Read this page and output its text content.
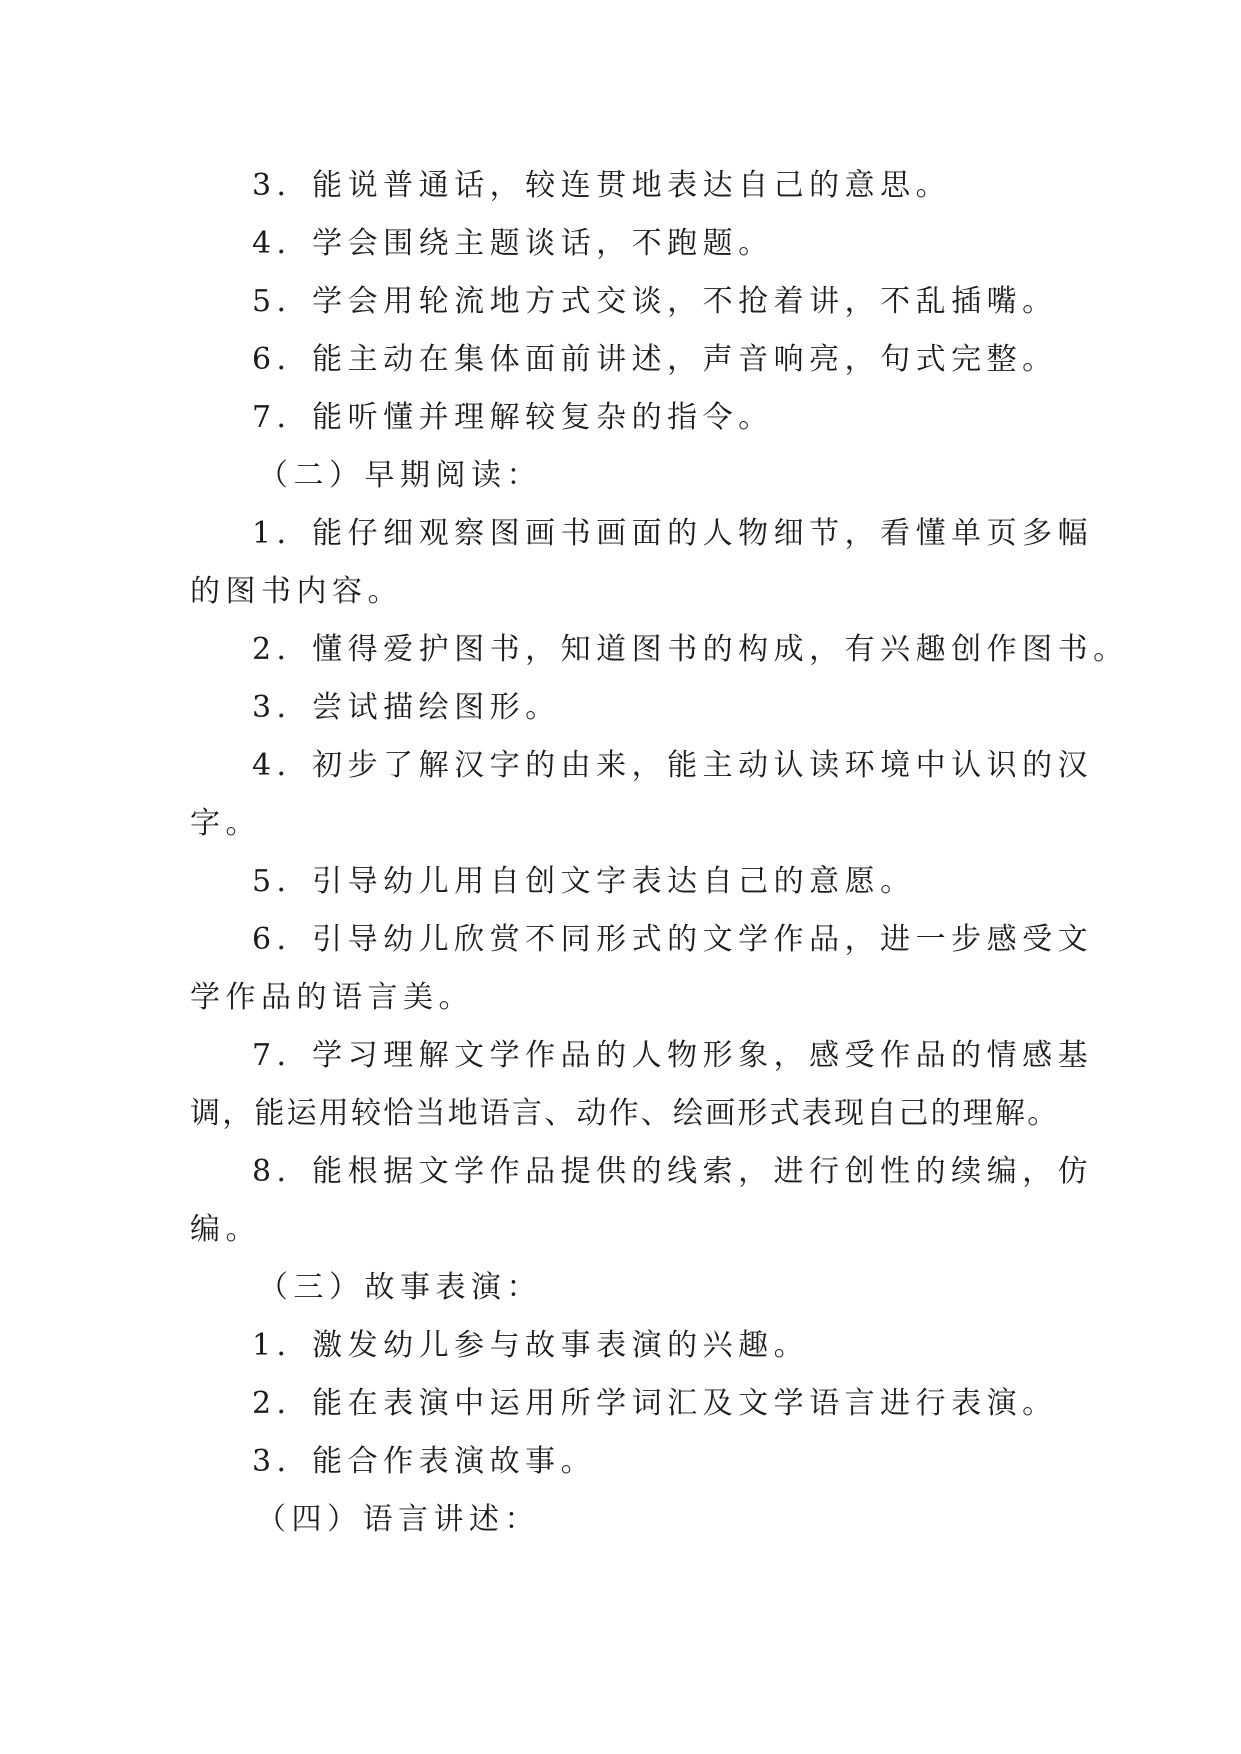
3．能说普通话，较连贯地表达自己的意思。
4．学会围绕主题谈话，不跑题。
5．学会用轮流地方式交谈，不抢着讲，不乱插嘴。
6．能主动在集体面前讲述，声音响亮，句式完整。
7．能听懂并理解较复杂的指令。
（二）早期阅读：
1．能仔细观察图画书画面的人物细节，看懂单页多幅
的图书内容。
2．懂得爱护图书，知道图书的构成，有兴趣创作图书。
3．尝试描绘图形。
4．初步了解汉字的由来，能主动认读环境中认识的汉
字。
5．引导幼儿用自创文字表达自己的意愿。
6．引导幼儿欣赏不同形式的文学作品，进一步感受文
学作品的语言美。
7．学习理解文学作品的人物形象，感受作品的情感基
调，能运用较恰当地语言、动作、绘画形式表现自己的理解。
8．能根据文学作品提供的线索，进行创性的续编，仿
编。
（三）故事表演：
1．激发幼儿参与故事表演的兴趣。
2．能在表演中运用所学词汇及文学语言进行表演。
3．能合作表演故事。
（四）语言讲述：
